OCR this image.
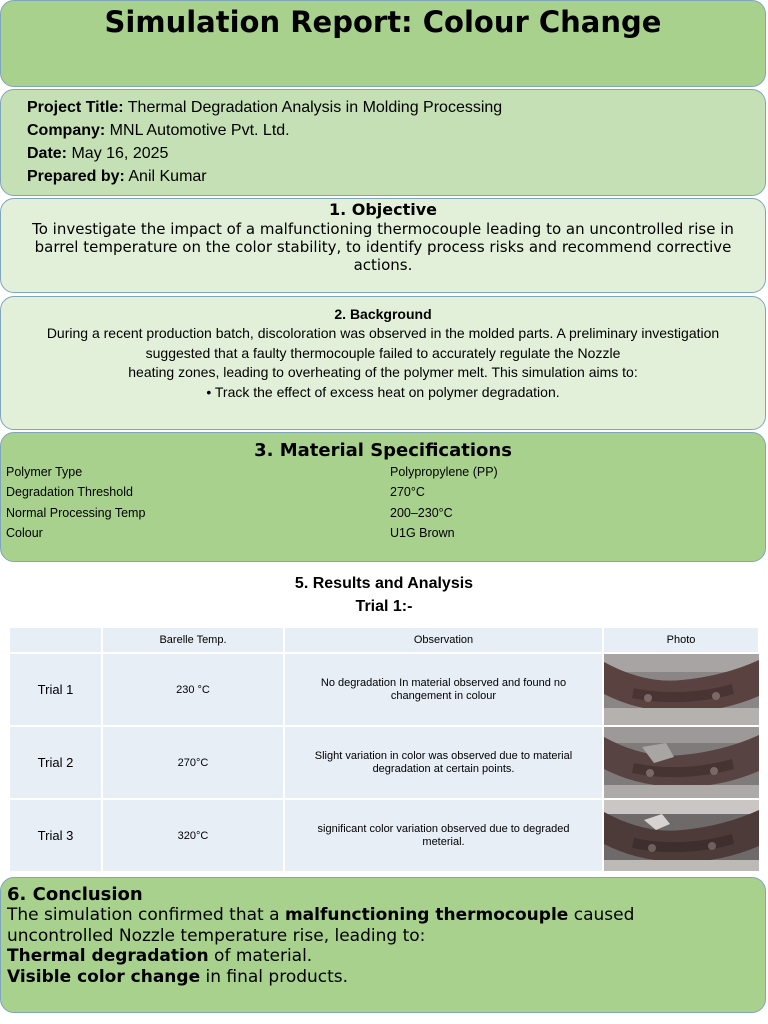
Simulation Report: Colour Change
Project Title: Thermal Degradation Analysis in Molding Processing
Company: MNL Automotive Pvt. Ltd.
Date: May 16, 2025
Prepared by: Anil Kumar
1. Objective
To investigate the impact of a malfunctioning thermocouple leading to an uncontrolled rise in barrel temperature on the color stability, to identify process risks and recommend corrective actions.
2. Background
During a recent production batch, discoloration was observed in the molded parts. A preliminary investigation
suggested that a faulty thermocouple failed to accurately regulate the Nozzle
heating zones, leading to overheating of the polymer melt. This simulation aims to:
• Track the effect of excess heat on polymer degradation.
3. Material Specifications
Polymer Type	Polypropylene (PP)
Degradation Threshold	270°C
Normal Processing Temp	200–230°C
Colour	U1G Brown
5. Results and Analysis
Trial 1:-
	Barelle Temp.	Observation	Photo
Trial 1	230 °C	No degradation In material observed and found no changement in colour	

Trial 2	270°C	Slight variation in color was observed due to material degradation at certain points.	

Trial 3	320°C	significant color variation observed due to degraded meterial.	
6. Conclusion
The simulation confirmed that a malfunctioning thermocouple caused
uncontrolled Nozzle temperature rise, leading to:
Thermal degradation of material.
Visible color change in final products.
